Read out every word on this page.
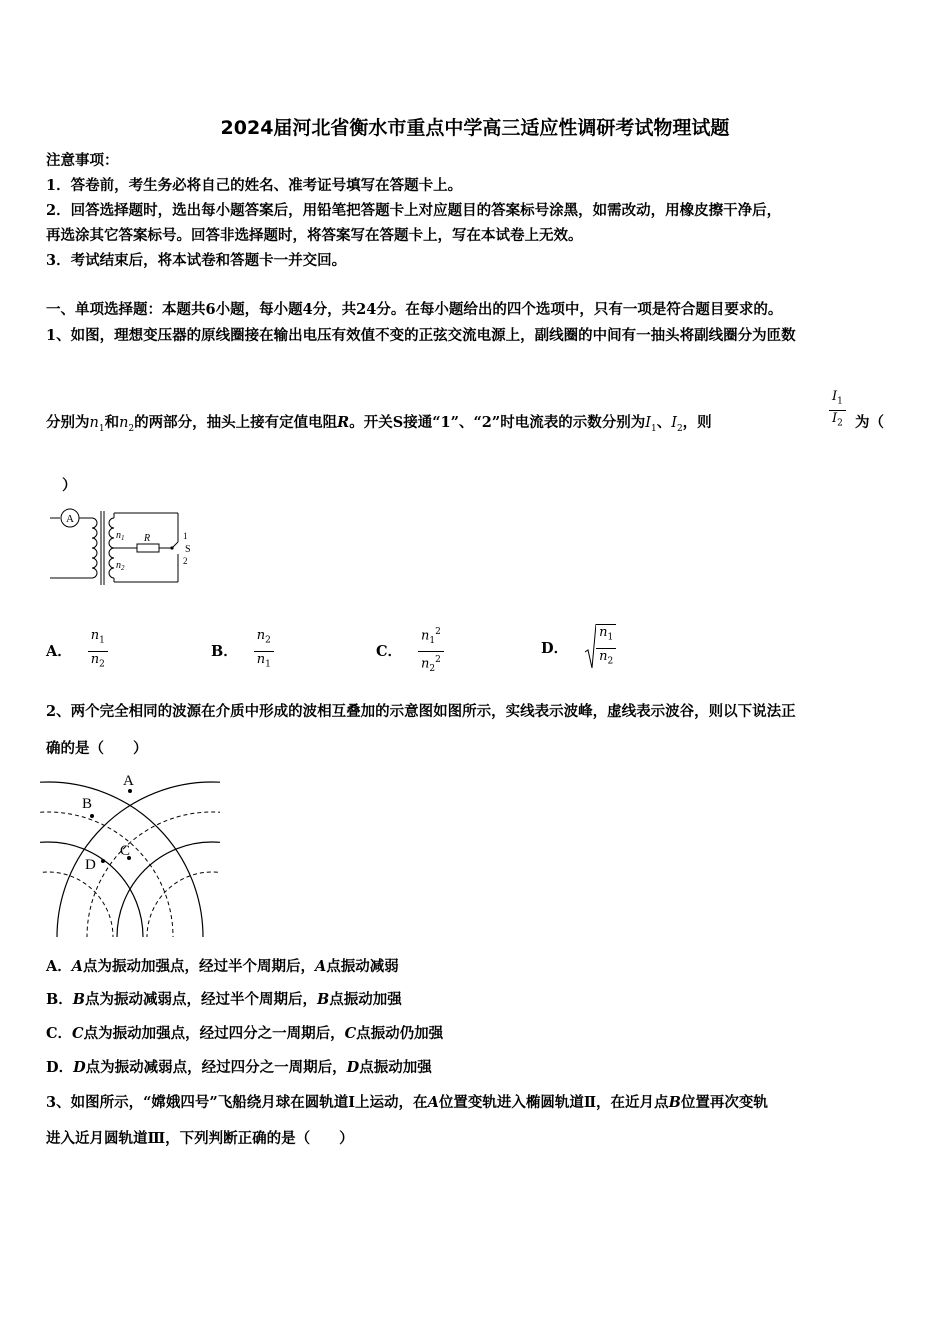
2024届河北省衡水市重点中学高三适应性调研考试物理试题
注意事项：
1．答卷前，考生务必将自己的姓名、准考证号填写在答题卡上。
2．回答选择题时，选出每小题答案后，用铅笔把答题卡上对应题目的答案标号涂黑，如需改动，用橡皮擦干净后，
再选涂其它答案标号。回答非选择题时，将答案写在答题卡上，写在本试卷上无效。
3．考试结束后，将本试卷和答题卡一并交回。
一、单项选择题：本题共6小题，每小题4分，共24分。在每小题给出的四个选项中，只有一项是符合题目要求的。
1、如图，理想变压器的原线圈接在输出电压有效值不变的正弦交流电源上，副线圈的中间有一抽头将副线圈分为匝数
分别为$n_1$和$n_2$的两部分，抽头上接有定值电阻R。开关S接通“1”、“2”时电流表的示数分别为$I_1$、$I_2$，则	$\frac{I_1}{I_2}$ 为（
）
A
$n_1$
$n_2$
R	1
S
2
A． $\frac{n_1}{n_2}$	B． $\frac{n_2}{n_1}$	C． $\frac{n_1^2}{n_2^2}$	D． $\frac{n_1}{n_2}$
2、两个完全相同的波源在介质中形成的波相互叠加的示意图如图所示，实线表示波峰，虚线表示波谷，则以下说法正
确的是（　　）
A
B
C
D
A．A点为振动加强点，经过半个周期后，A点振动减弱
B．B点为振动减弱点，经过半个周期后，B点振动加强
C．C点为振动加强点，经过四分之一周期后，C点振动仍加强
D．D点为振动减弱点，经过四分之一周期后，D点振动加强
3、如图所示，“嫦娥四号”飞船绕月球在圆轨道Ⅰ上运动，在A位置变轨进入椭圆轨道Ⅱ，在近月点B位置再次变轨
进入近月圆轨道Ⅲ，下列判断正确的是（　　）
